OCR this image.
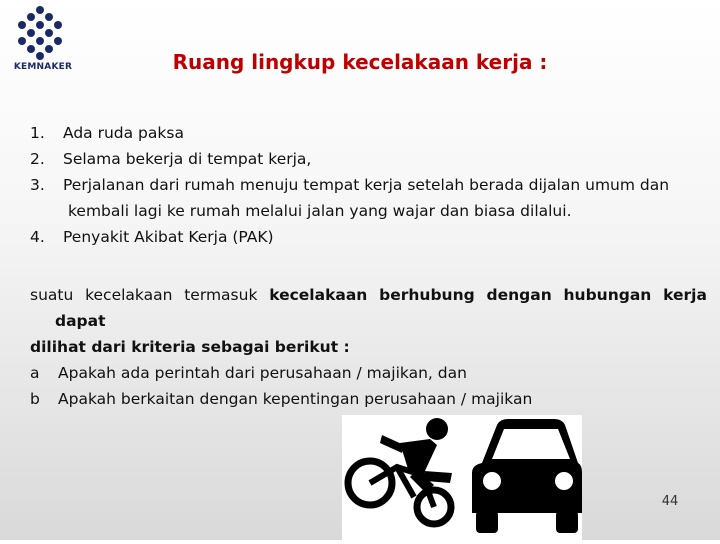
KEMNAKER	Ruang lingkup kecelakaan kerja :
1.	Ada ruda paksa
2.	Selama bekerja di tempat kerja,
3.	Perjalanan dari rumah menuju tempat kerja setelah berada dijalan umum dan
kembali lagi ke rumah melalui jalan yang wajar dan biasa dilalui.
4.	Penyakit Akibat Kerja (PAK)
suatu kecelakaan termasuk kecelakaan berhubung dengan hubungan kerja
dapat
dilihat dari kriteria sebagai berikut :
a Apakah ada perintah dari perusahaan / majikan, dan
b Apakah berkaitan dengan kepentingan perusahaan / majikan
44
